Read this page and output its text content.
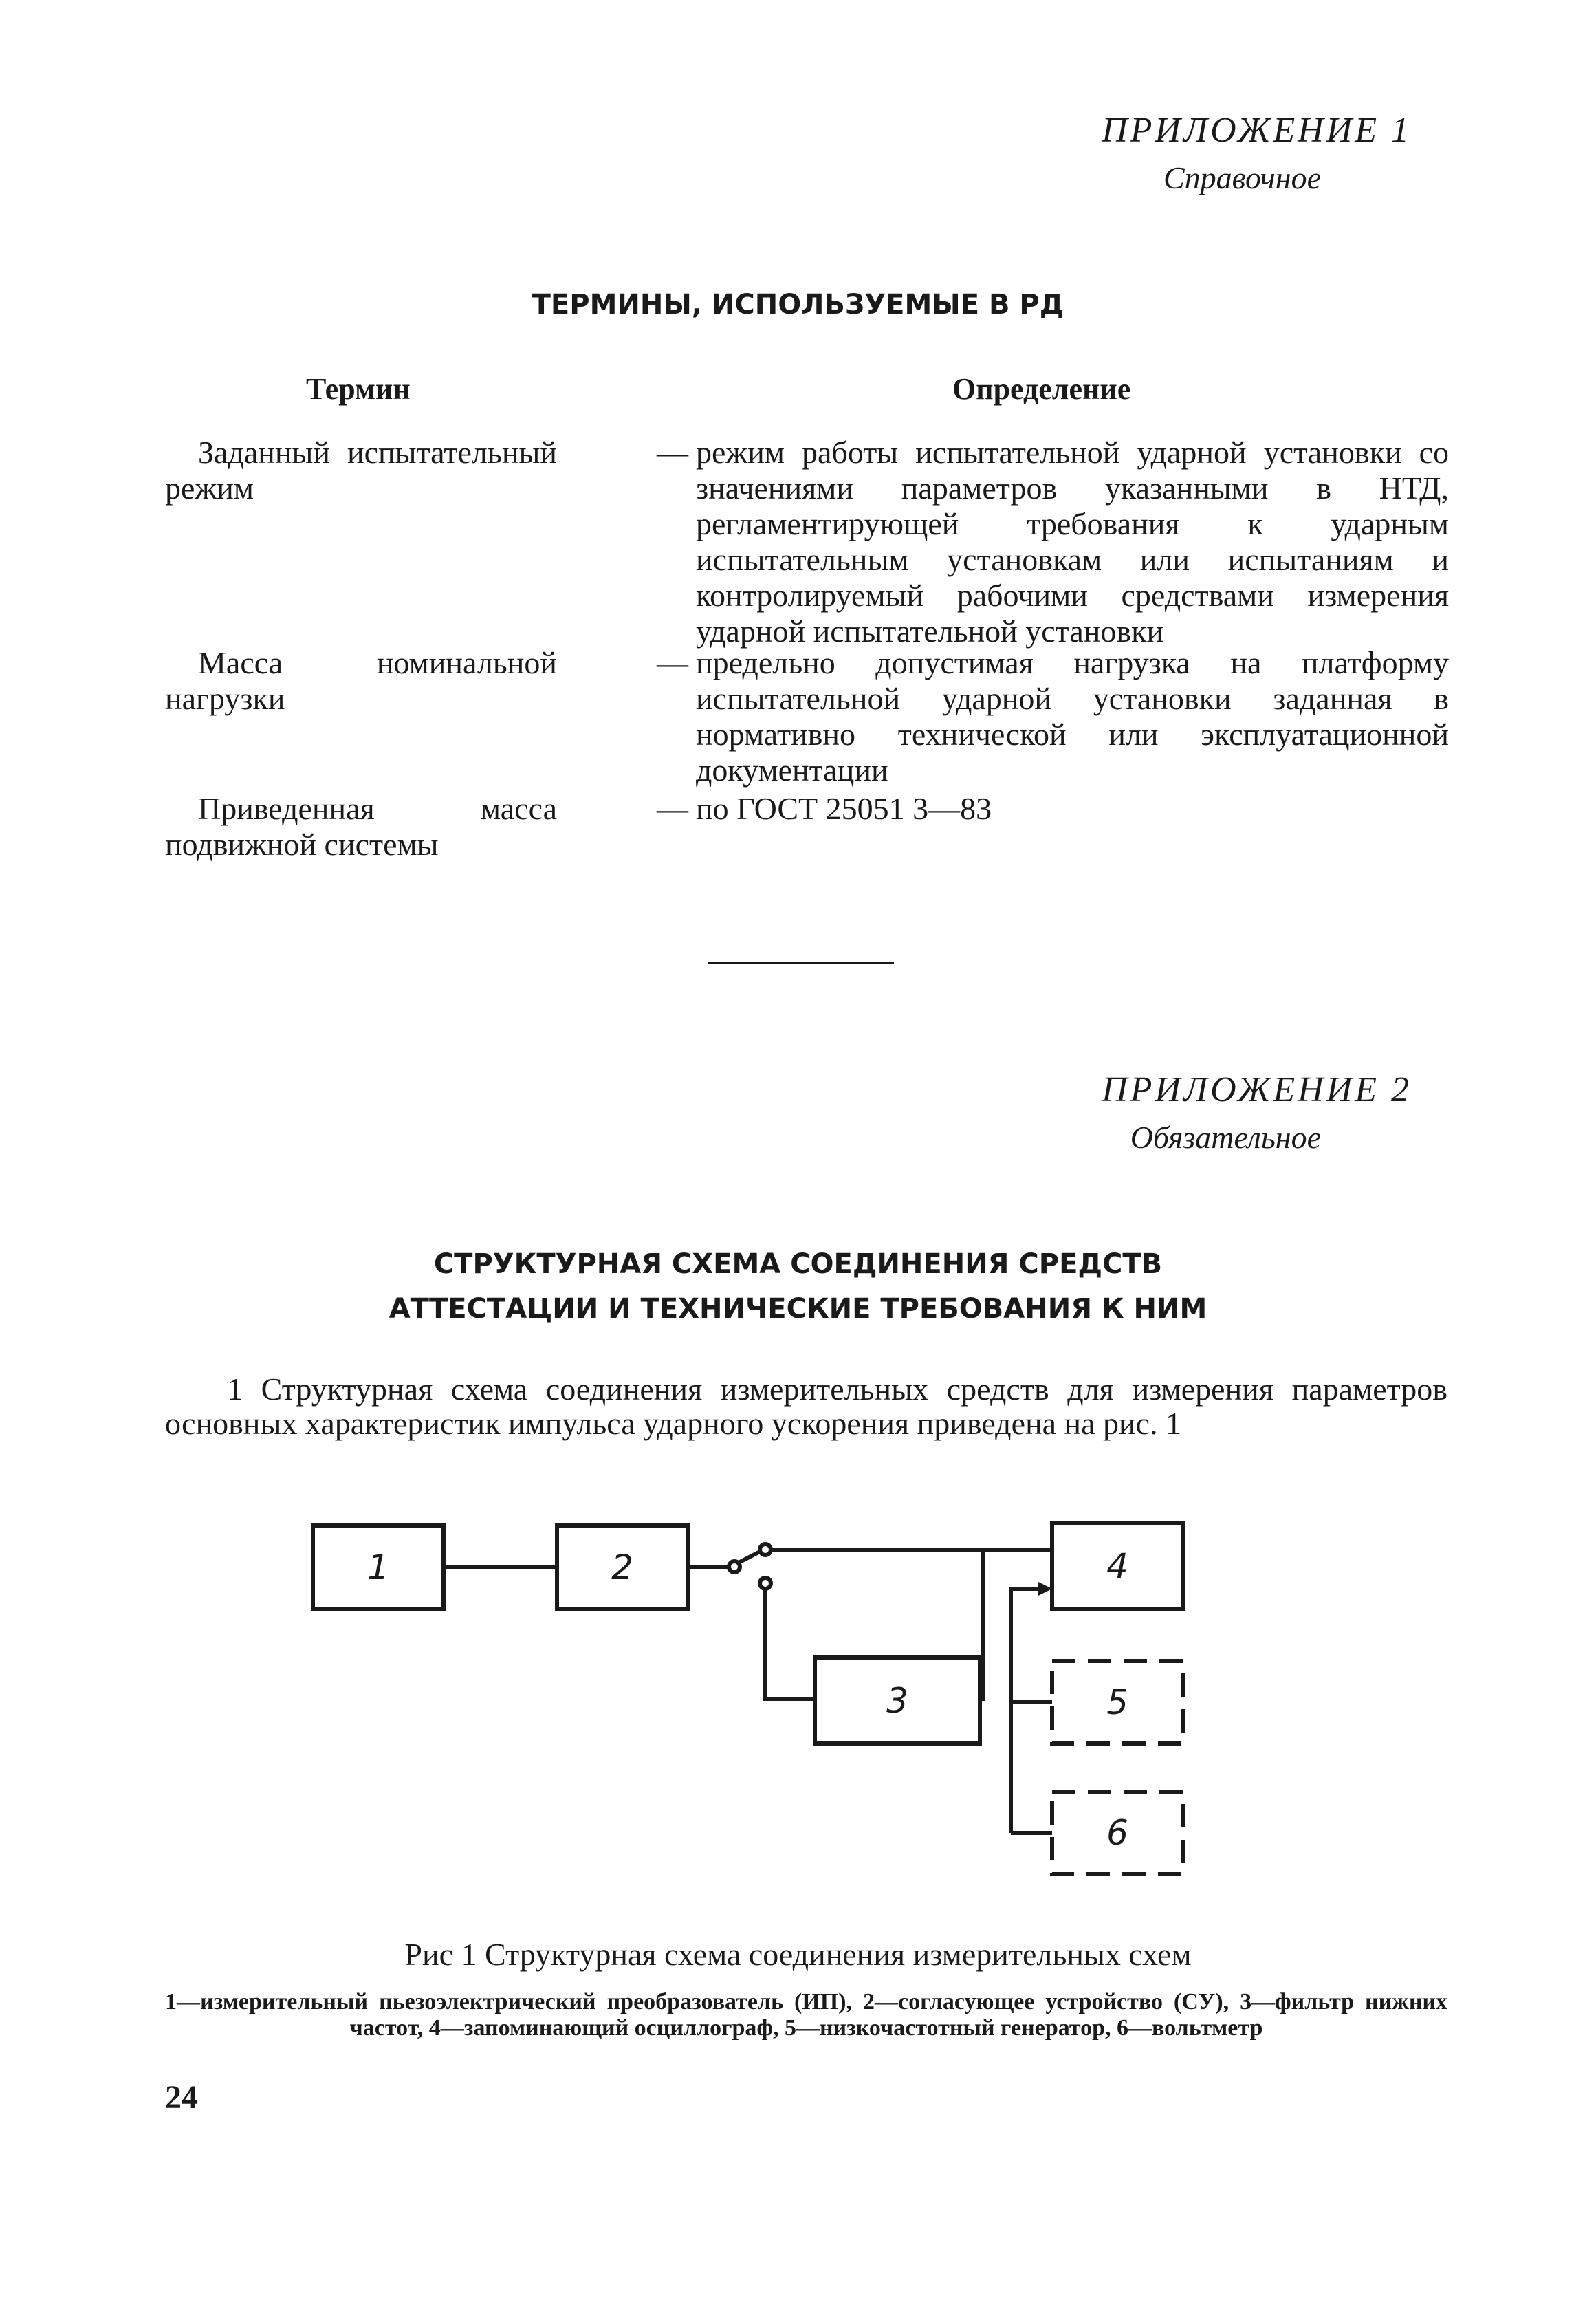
ПРИЛОЖЕНИЕ 1
Справочное
ТЕРМИНЫ, ИСПОЛЬЗУЕМЫЕ В РД
Термин	Определение
Заданный испытательный режим
— режим работы испытательной ударной установки со значениями параметров указанными в НТД, регламентирующей требования к ударным испытательным установкам или испытаниям и контролируемый рабочими средствами измерения ударной испытательной установки
Масса номинальной нагрузки
— предельно допустимая нагрузка на платформу испытательной ударной установки заданная в нормативно технической или эксплуатационной документации
Приведенная масса подвижной системы
— по ГОСТ 25051 3—83
ПРИЛОЖЕНИЕ 2
Обязательное
СТРУКТУРНАЯ СХЕМА СОЕДИНЕНИЯ СРЕДСТВ
АТТЕСТАЦИИ И ТЕХНИЧЕСКИЕ ТРЕБОВАНИЯ К НИМ
1 Структурная схема соединения измерительных средств для измерения параметров основных характеристик импульса ударного ускорения приведена на рис. 1
1	2
3
4
5
6
Рис 1 Структурная схема соединения измерительных схем
1—измерительный пьезоэлектрический преобразователь (ИП), 2—согласующее устройство (СУ), 3—фильтр нижних частот, 4—запоминающий осциллограф, 5—низкочастотный генератор, 6—вольтметр
24
